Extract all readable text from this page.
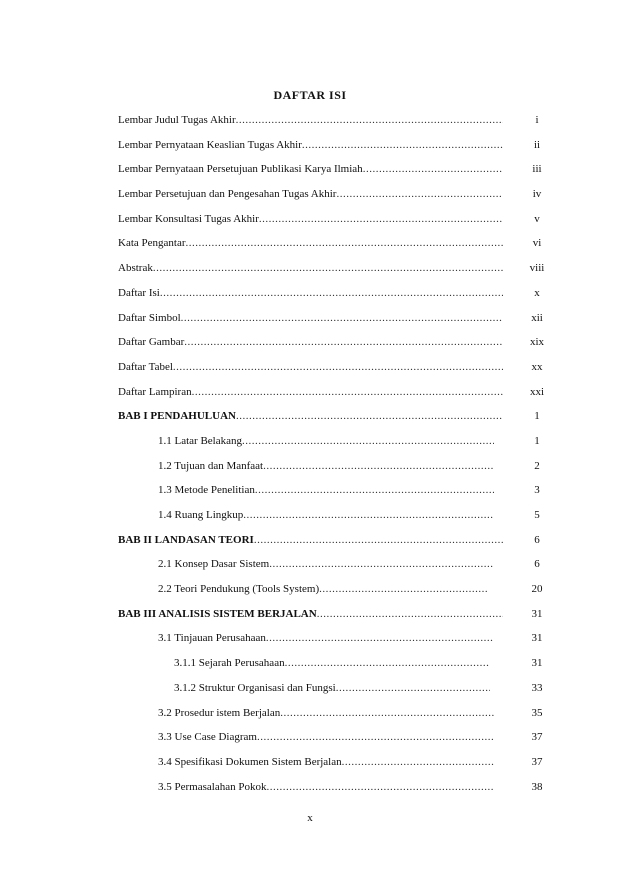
DAFTAR ISI
Lembar Judul Tugas Akhir .....	i
Lembar Pernyataan Keaslian Tugas Akhir .....	ii
Lembar Pernyataan Persetujuan Publikasi Karya Ilmiah .....	iii
Lembar Persetujuan dan Pengesahan Tugas Akhir .....	iv
Lembar Konsultasi Tugas Akhir .....	v
Kata Pengantar .....	vi
Abstrak .....	viii
Daftar Isi .....	x
Daftar Simbol .....	xii
Daftar Gambar .....	xix
Daftar Tabel .....	xx
Daftar Lampiran .....	xxi
BAB I PENDAHULUAN .....	1
1.1 Latar Belakang .....	1
1.2 Tujuan dan Manfaat .....	2
1.3 Metode Penelitian .....	3
1.4 Ruang Lingkup .....	5
BAB II LANDASAN TEORI .....	6
2.1 Konsep Dasar Sistem .....	6
2.2 Teori Pendukung (Tools System) .....	20
BAB III ANALISIS SISTEM BERJALAN .....	31
3.1 Tinjauan Perusahaan .....	31
3.1.1 Sejarah Perusahaan .....	31
3.1.2 Struktur Organisasi dan Fungsi .....	33
3.2 Prosedur istem Berjalan .....	35
3.3 Use Case Diagram .....	37
3.4 Spesifikasi Dokumen Sistem Berjalan .....	37
3.5 Permasalahan Pokok .....	38
x
